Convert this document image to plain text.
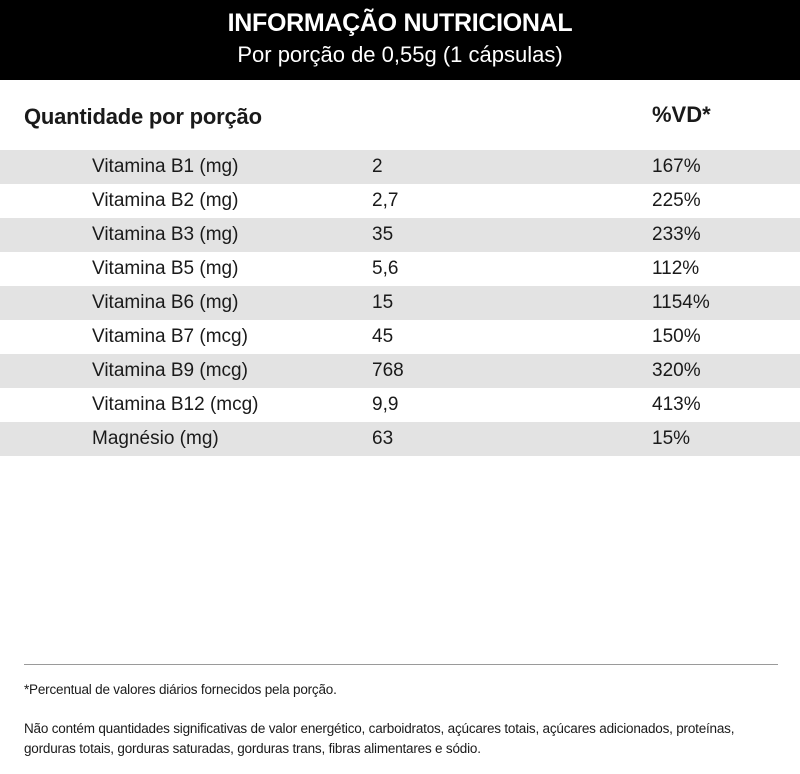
INFORMAÇÃO NUTRICIONAL
Por porção de 0,55g (1 cápsulas)
Quantidade por porção	%VD*
Vitamina B1 (mg)	2	167%
Vitamina B2 (mg)	2,7	225%
Vitamina B3 (mg)	35	233%
Vitamina B5 (mg)	5,6	112%
Vitamina B6 (mg)	15	1154%
Vitamina B7 (mcg)	45	150%
Vitamina B9 (mcg)	768	320%
Vitamina B12 (mcg)	9,9	413%
Magnésio (mg)	63	15%

*Percentual de valores diários fornecidos pela porção.

Não contém quantidades significativas de valor energético, carboidratos, açúcares totais, açúcares adicionados, proteínas, gorduras totais, gorduras saturadas, gorduras trans, fibras alimentares e sódio.
